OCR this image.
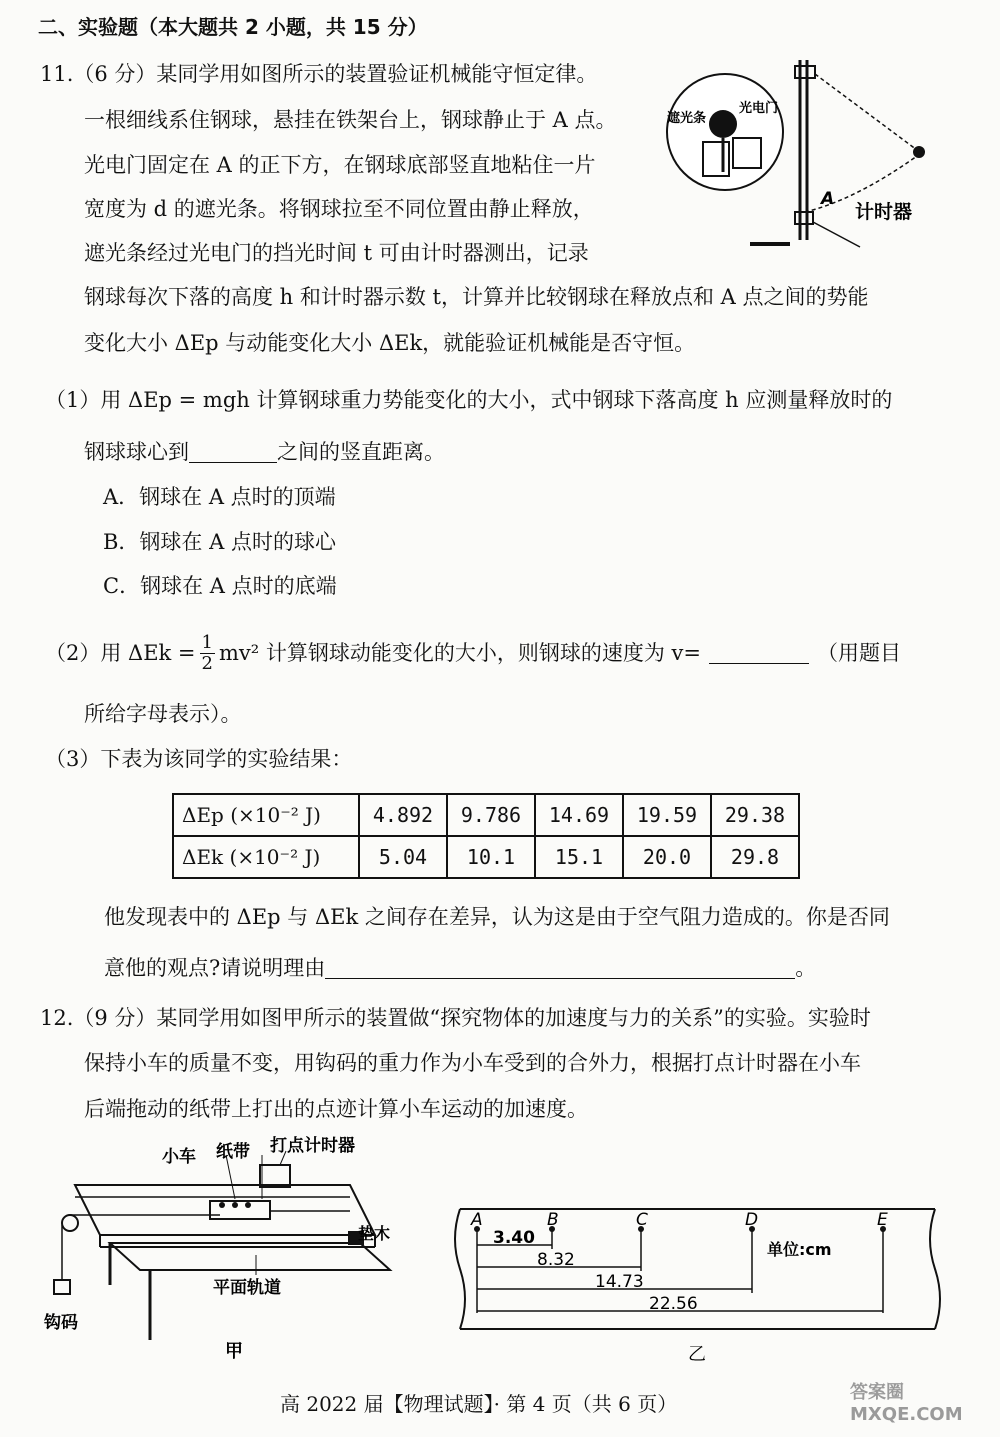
二、实验题（本大题共 2 小题，共 15 分）
11.（6 分）某同学用如图所示的装置验证机械能守恒定律。
一根细线系住钢球，悬挂在铁架台上，钢球静止于 A 点。
光电门固定在 A 的正下方，在钢球底部竖直地粘住一片
宽度为 d 的遮光条。将钢球拉至不同位置由静止释放，
遮光条经过光电门的挡光时间 t 可由计时器测出，记录
钢球每次下落的高度 h 和计时器示数 t，计算并比较钢球在释放点和 A 点之间的势能
变化大小 ΔEp 与动能变化大小 ΔEk，就能验证机械能是否守恒。
A
计时器
遮光条
光电门
（1）用 ΔEp = mgh 计算钢球重力势能变化的大小，式中钢球下落高度 h 应测量释放时的
钢球球心到	之间的竖直距离。
A．钢球在 A 点时的顶端
B．钢球在 A 点时的球心
C．钢球在 A 点时的底端
（2）用 $\Delta Ek = \frac{1}{2} mv^2$ 计算钢球动能变化的大小，则钢球的速度为 v=	（用题目
所给字母表示）。
（3）下表为该同学的实验结果：
ΔEp (×10⁻² J)	4.892	9.786	14.69	19.59	29.38
ΔEk (×10⁻² J)	5.04	10.1	15.1	20.0	29.8
他发现表中的 ΔEp 与 ΔEk 之间存在差异，认为这是由于空气阻力造成的。你是否同
意他的观点?请说明理由	。
12.（9 分）某同学用如图甲所示的装置做“探究物体的加速度与力的关系”的实验。实验时
保持小车的质量不变，用钩码的重力作为小车受到的合外力，根据打点计时器在小车
后端拖动的纸带上打出的点迹计算小车运动的加速度。
小车 纸带 打点计时器
垫木
平面轨道
钩码
甲
A	B	C	D	E
单位:cm
3.40
8.32
14.73
22.56
乙
高 2022 届【物理试题】· 第 4 页（共 6 页）	答案圈 MXQE.COM
